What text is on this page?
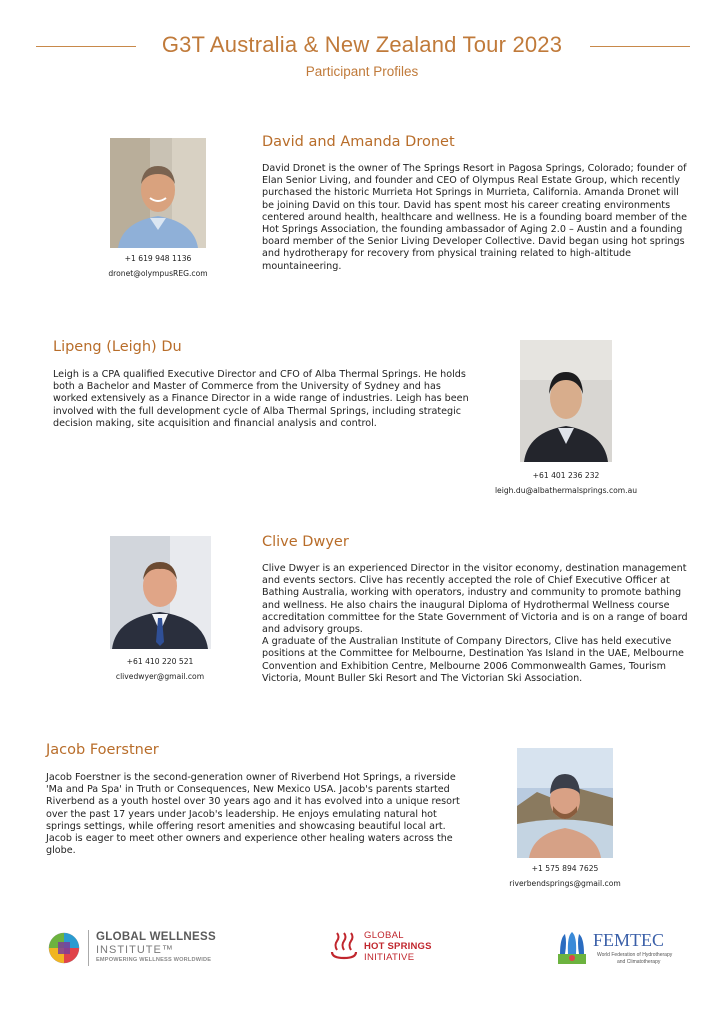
G3T Australia & New Zealand Tour 2023
Participant Profiles
+1 619 948 1136
dronet@olympusREG.com
David and Amanda Dronet

David Dronet is the owner of The Springs Resort in Pagosa Springs, Colorado; founder of Elan Senior Living, and founder and CEO of Olympus Real Estate Group, which recently purchased the historic Murrieta Hot Springs in Murrieta, California. Amanda Dronet will be joining David on this tour. David has spent most his career creating environments centered around health, healthcare and wellness. He is a founding board member of the Hot Springs Association, the founding ambassador of Aging 2.0 – Austin and a founding board member of the Senior Living Developer Collective. David began using hot springs and hydrotherapy for recovery from physical training related to high-altitude mountaineering.

Lipeng (Leigh) Du

Leigh is a CPA qualified Executive Director and CFO of Alba Thermal Springs. He holds both a Bachelor and Master of Commerce from the University of Sydney and has worked extensively as a Finance Director in a wide range of industries. Leigh has been involved with the full development cycle of Alba Thermal Springs, including strategic decision making, site acquisition and financial analysis and control.

+61 401 236 232
leigh.du@albathermalsprings.com.au
+61 410 220 521
clivedwyer@gmail.com
Clive Dwyer

Clive Dwyer is an experienced Director in the visitor economy, destination management and events sectors. Clive has recently accepted the role of Chief Executive Officer at Bathing Australia, working with operators, industry and community to promote bathing and wellness. He also chairs the inaugural Diploma of Hydrothermal Wellness course accreditation committee for the State Government of Victoria and is on a range of board and advisory groups.
A graduate of the Australian Institute of Company Directors, Clive has held executive positions at the Committee for Melbourne, Destination Yas Island in the UAE, Melbourne Convention and Exhibition Centre, Melbourne 2006 Commonwealth Games, Tourism Victoria, Mount Buller Ski Resort and The Victorian Ski Association.

Jacob Foerstner

Jacob Foerstner is the second-generation owner of Riverbend Hot Springs, a riverside 'Ma and Pa Spa' in Truth or Consequences, New Mexico USA. Jacob's parents started Riverbend as a youth hostel over 30 years ago and it has evolved into a unique resort over the past 17 years under Jacob's leadership. He enjoys emulating natural hot springs settings, while offering resort amenities and showcasing beautiful local art. Jacob is eager to meet other owners and experience other healing waters across the globe.

+1 575 894 7625
riverbendsprings@gmail.com
GLOBAL WELLNESS
INSTITUTE™
EMPOWERING WELLNESS WORLDWIDE
GLOBAL
HOT SPRINGS
INITIATIVE
FEMTEC
World Federation of Hydrotherapy
and Climatotherapy
